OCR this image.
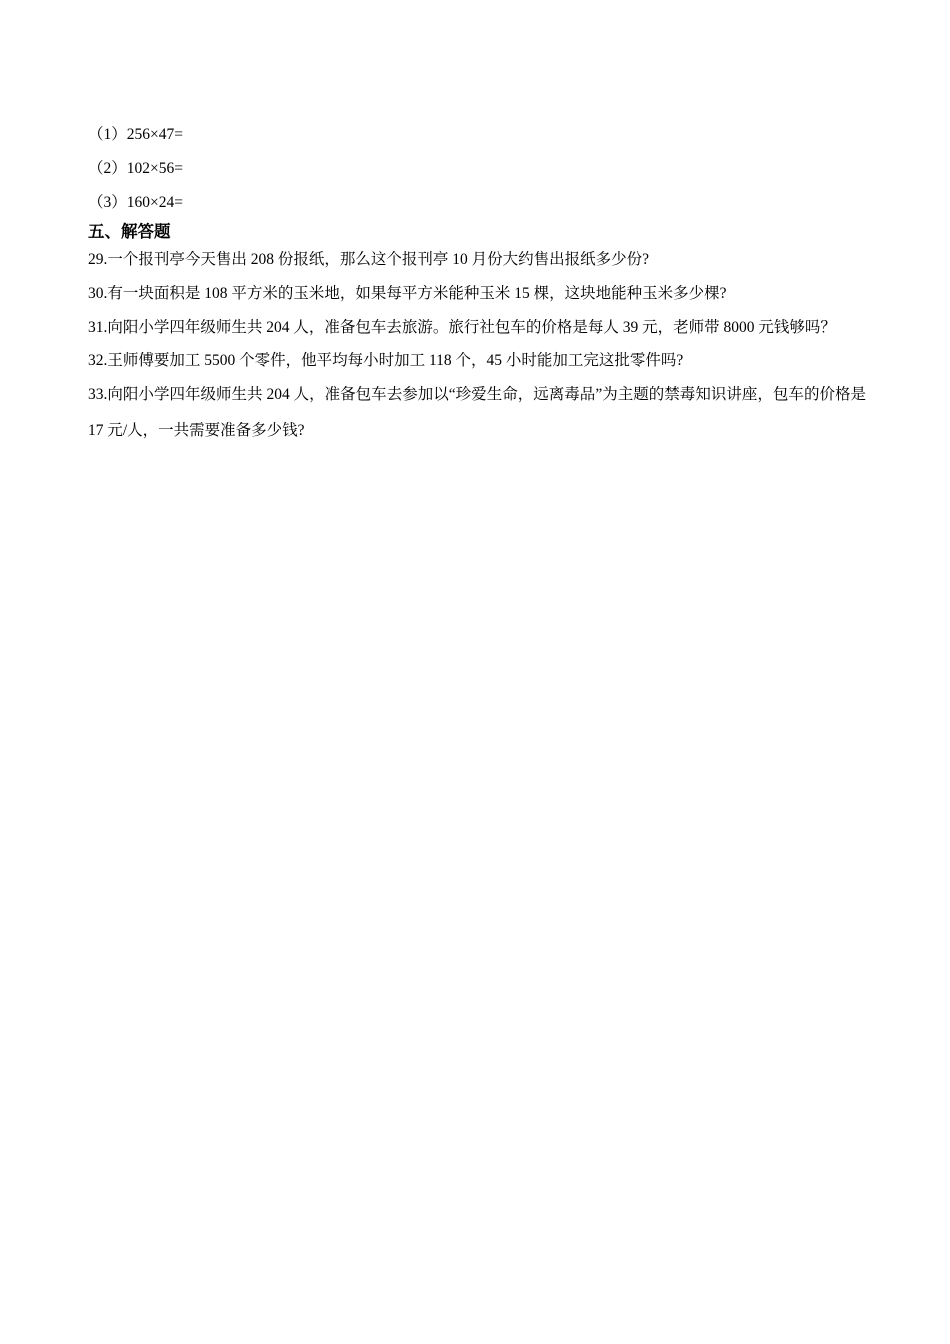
（1）256×47=

（2）102×56=

（3）160×24=

五、解答题

29.一个报刊亭今天售出 208 份报纸，那么这个报刊亭 10 月份大约售出报纸多少份?

30.有一块面积是 108 平方米的玉米地，如果每平方米能种玉米 15 棵，这块地能种玉米多少棵?

31.向阳小学四年级师生共 204 人，准备包车去旅游。旅行社包车的价格是每人 39 元，老师带 8000 元钱够吗？

32.王师傅要加工 5500 个零件，他平均每小时加工 118 个，45 小时能加工完这批零件吗?

33.向阳小学四年级师生共 204 人，准备包车去参加以“珍爱生命，远离毒品”为主题的禁毒知识讲座，包车的价格是 17 元/人，一共需要准备多少钱?
